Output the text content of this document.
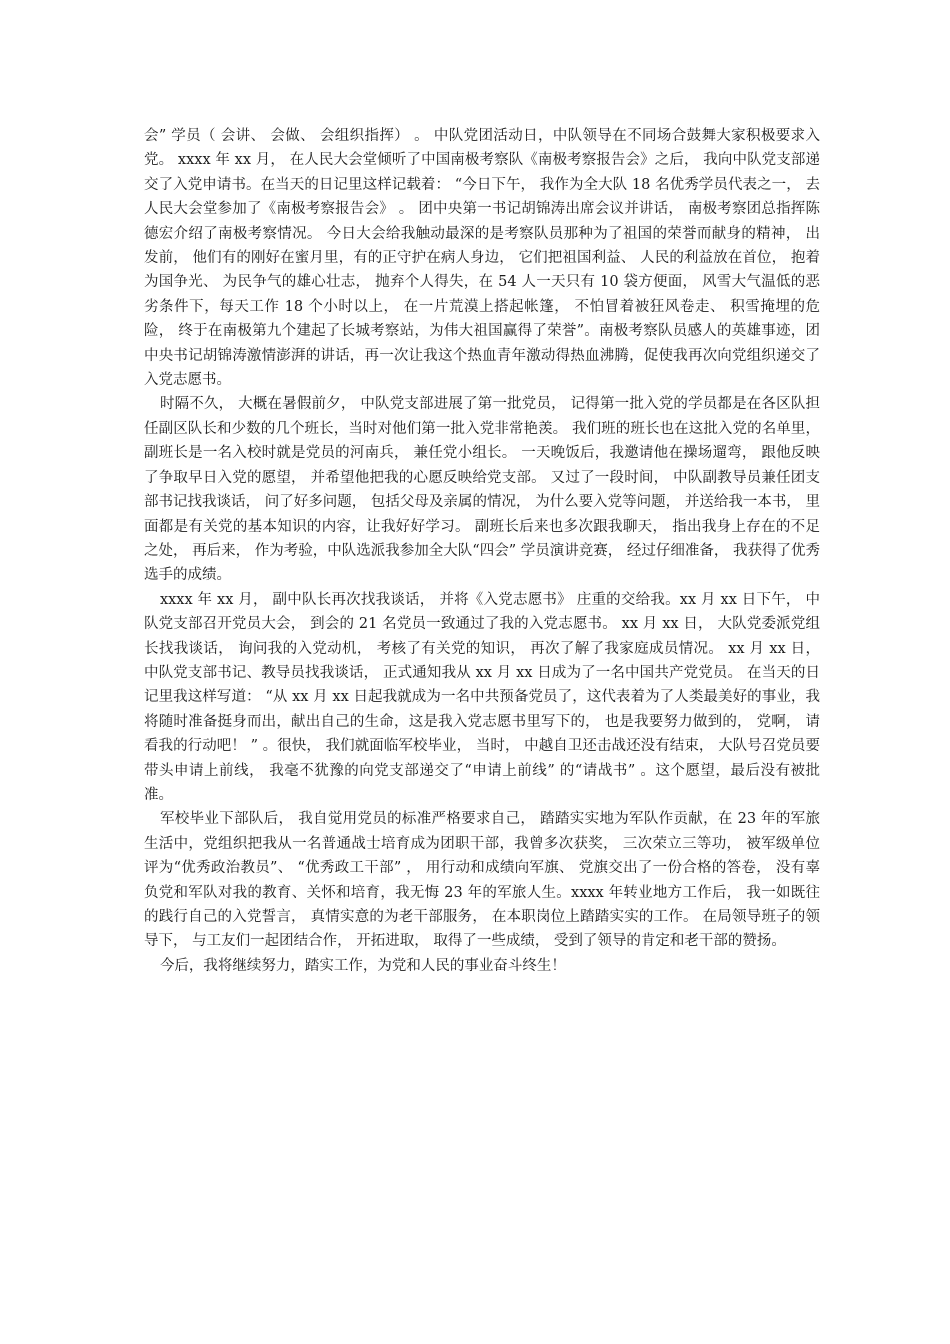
会” 学员（ 会讲、 会做、 会组织指挥） 。 中队党团活动日，中队领导在不同场合鼓舞大家积极要求入党。 xxxx 年 xx 月， 在人民大会堂倾听了中国南极考察队《南极考察报告会》之后， 我向中队党支部递交了入党申请书。在当天的日记里这样记载着： “今日下午， 我作为全大队 18 名优秀学员代表之一， 去人民大会堂参加了《南极考察报告会》 。 团中央第一书记胡锦涛出席会议并讲话， 南极考察团总指挥陈德宏介绍了南极考察情况。 今日大会给我触动最深的是考察队员那种为了祖国的荣誉而献身的精神， 出发前， 他们有的刚好在蜜月里，有的正守护在病人身边， 它们把祖国利益、 人民的利益放在首位， 抱着为国争光、 为民争气的雄心壮志， 抛弃个人得失，在 54 人一天只有 10 袋方便面， 风雪大气温低的恶劣条件下，每天工作 18 个小时以上， 在一片荒漠上搭起帐篷， 不怕冒着被狂风卷走、 积雪掩埋的危险， 终于在南极第九个建起了长城考察站，为伟大祖国赢得了荣誉”。南极考察队员感人的英雄事迹，团中央书记胡锦涛激情澎湃的讲话，再一次让我这个热血青年激动得热血沸腾，促使我再次向党组织递交了入党志愿书。

时隔不久， 大概在暑假前夕， 中队党支部进展了第一批党员， 记得第一批入党的学员都是在各区队担任副区队长和少数的几个班长，当时对他们第一批入党非常艳羡。 我们班的班长也在这批入党的名单里， 副班长是一名入校时就是党员的河南兵， 兼任党小组长。 一天晚饭后，我邀请他在操场遛弯， 跟他反映了争取早日入党的愿望， 并希望他把我的心愿反映给党支部。 又过了一段时间， 中队副教导员兼任团支部书记找我谈话， 问了好多问题， 包括父母及亲属的情况， 为什么要入党等问题， 并送给我一本书， 里面都是有关党的基本知识的内容，让我好好学习。 副班长后来也多次跟我聊天， 指出我身上存在的不足之处， 再后来， 作为考验，中队选派我参加全大队“四会” 学员演讲竞赛， 经过仔细准备， 我获得了优秀选手的成绩。

xxxx 年 xx 月， 副中队长再次找我谈话， 并将《入党志愿书》 庄重的交给我。xx 月 xx 日下午， 中队党支部召开党员大会， 到会的 21 名党员一致通过了我的入党志愿书。 xx 月 xx 日， 大队党委派党组长找我谈话， 询问我的入党动机， 考核了有关党的知识， 再次了解了我家庭成员情况。 xx 月 xx 日， 中队党支部书记、教导员找我谈话， 正式通知我从 xx 月 xx 日成为了一名中国共产党党员。 在当天的日记里我这样写道： “从 xx 月 xx 日起我就成为一名中共预备党员了，这代表着为了人类最美好的事业，我将随时准备挺身而出，献出自己的生命，这是我入党志愿书里写下的， 也是我要努力做到的， 党啊， 请看我的行动吧！ ” 。很快， 我们就面临军校毕业， 当时， 中越自卫还击战还没有结束， 大队号召党员要带头申请上前线， 我毫不犹豫的向党支部递交了“申请上前线” 的“请战书” 。这个愿望，最后没有被批准。

军校毕业下部队后， 我自觉用党员的标准严格要求自己， 踏踏实实地为军队作贡献，在 23 年的军旅生活中，党组织把我从一名普通战士培育成为团职干部，我曾多次获奖， 三次荣立三等功， 被军级单位评为“优秀政治教员”、 “优秀政工干部” ， 用行动和成绩向军旗、 党旗交出了一份合格的答卷， 没有辜负党和军队对我的教育、关怀和培育，我无悔 23 年的军旅人生。xxxx 年转业地方工作后， 我一如既往的践行自己的入党誓言， 真情实意的为老干部服务， 在本职岗位上踏踏实实的工作。 在局领导班子的领导下， 与工友们一起团结合作， 开拓进取， 取得了一些成绩， 受到了领导的肯定和老干部的赞扬。

今后，我将继续努力，踏实工作，为党和人民的事业奋斗终生！
